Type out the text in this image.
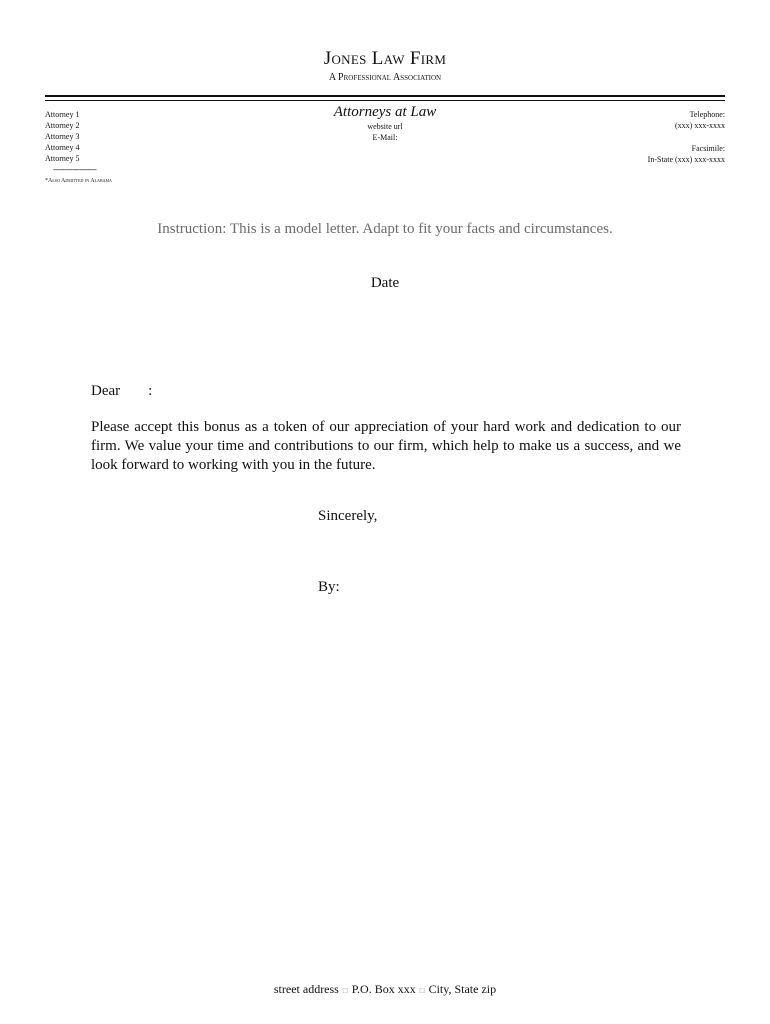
Jones Law Firm
A Professional Association
Attorney 1
Attorney 2
Attorney 3
Attorney 4
Attorney 5
--------------------
*Also Admitted in Alabama
Attorneys at Law
website url
E-Mail:
Telephone:
(xxx) xxx-xxxx
Facsimile:
In-State (xxx) xxx-xxxx
Instruction: This is a model letter. Adapt to fit your facts and circumstances.
Date
Dear :
Please accept this bonus as a token of our appreciation of your hard work and dedication to our firm. We value your time and contributions to our firm, which help to make us a success, and we look forward to working with you in the future.
Sincerely,
By:
street address □ P.O. Box xxx □ City, State zip
